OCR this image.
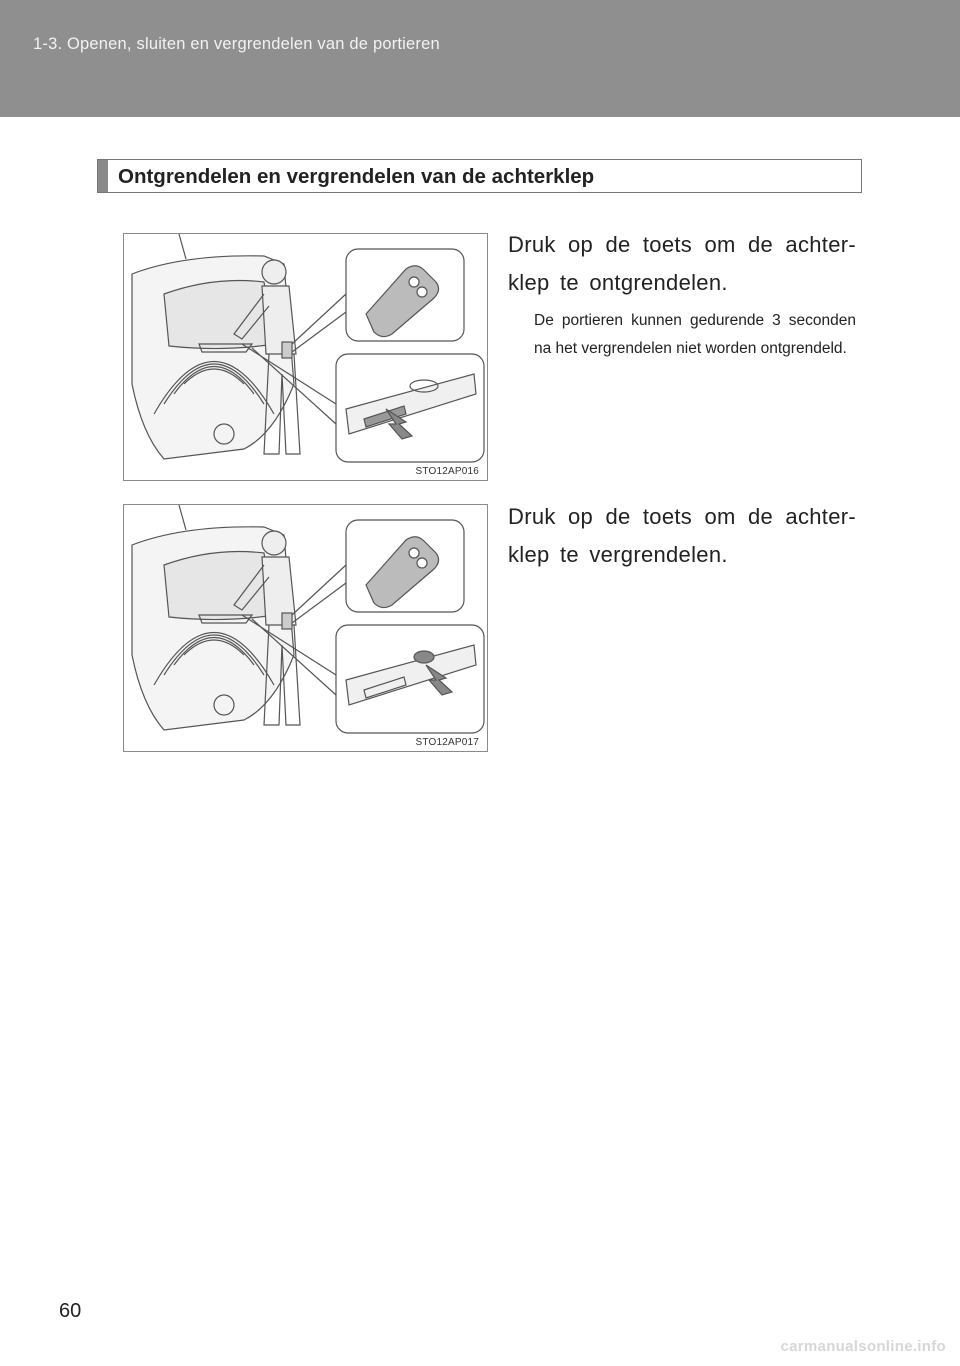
1-3. Openen, sluiten en vergrendelen van de portieren
Ontgrendelen en vergrendelen van de achterklep
STO12AP016
Druk op de toets om de achter-klep te ontgrendelen.
De portieren kunnen gedurende 3 seconden na het vergrendelen niet worden ontgrendeld.
STO12AP017
Druk op de toets om de achter-klep te vergrendelen.
60
carmanualsonline.info
